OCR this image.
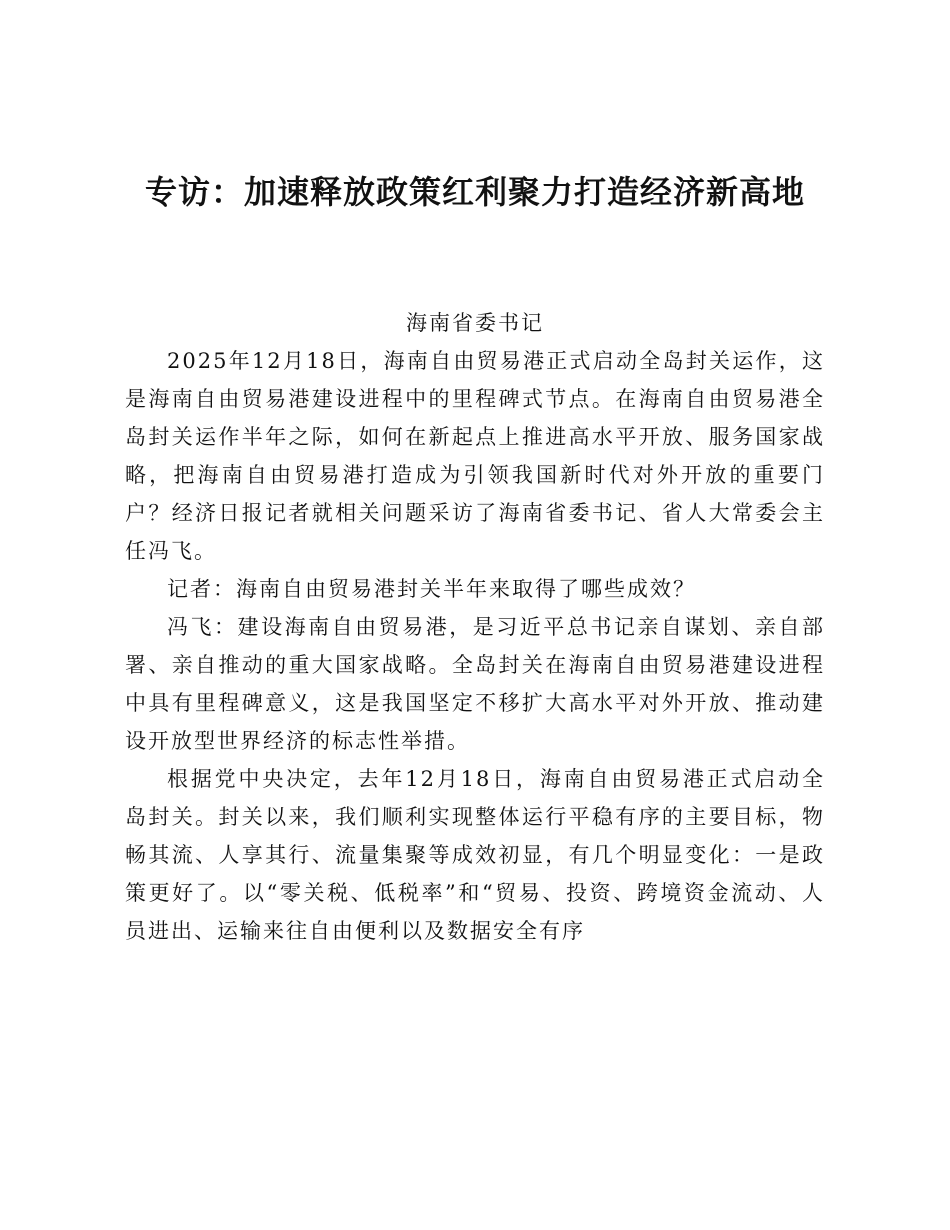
专访：加速释放政策红利聚力打造经济新高地
海南省委书记

2025年12月18日，海南自由贸易港正式启动全岛封关运作，这是海南自由贸易港建设进程中的里程碑式节点。在海南自由贸易港全岛封关运作半年之际，如何在新起点上推进高水平开放、服务国家战略，把海南自由贸易港打造成为引领我国新时代对外开放的重要门户？经济日报记者就相关问题采访了海南省委书记、省人大常委会主任冯飞。

记者：海南自由贸易港封关半年来取得了哪些成效？

冯飞：建设海南自由贸易港，是习近平总书记亲自谋划、亲自部署、亲自推动的重大国家战略。全岛封关在海南自由贸易港建设进程中具有里程碑意义，这是我国坚定不移扩大高水平对外开放、推动建设开放型世界经济的标志性举措。

根据党中央决定，去年12月18日，海南自由贸易港正式启动全岛封关。封关以来，我们顺利实现整体运行平稳有序的主要目标，物畅其流、人享其行、流量集聚等成效初显，有几个明显变化：一是政策更好了。以“零关税、低税率”和“贸易、投资、跨境资金流动、人员进出、运输来往自由便利以及数据安全有序
